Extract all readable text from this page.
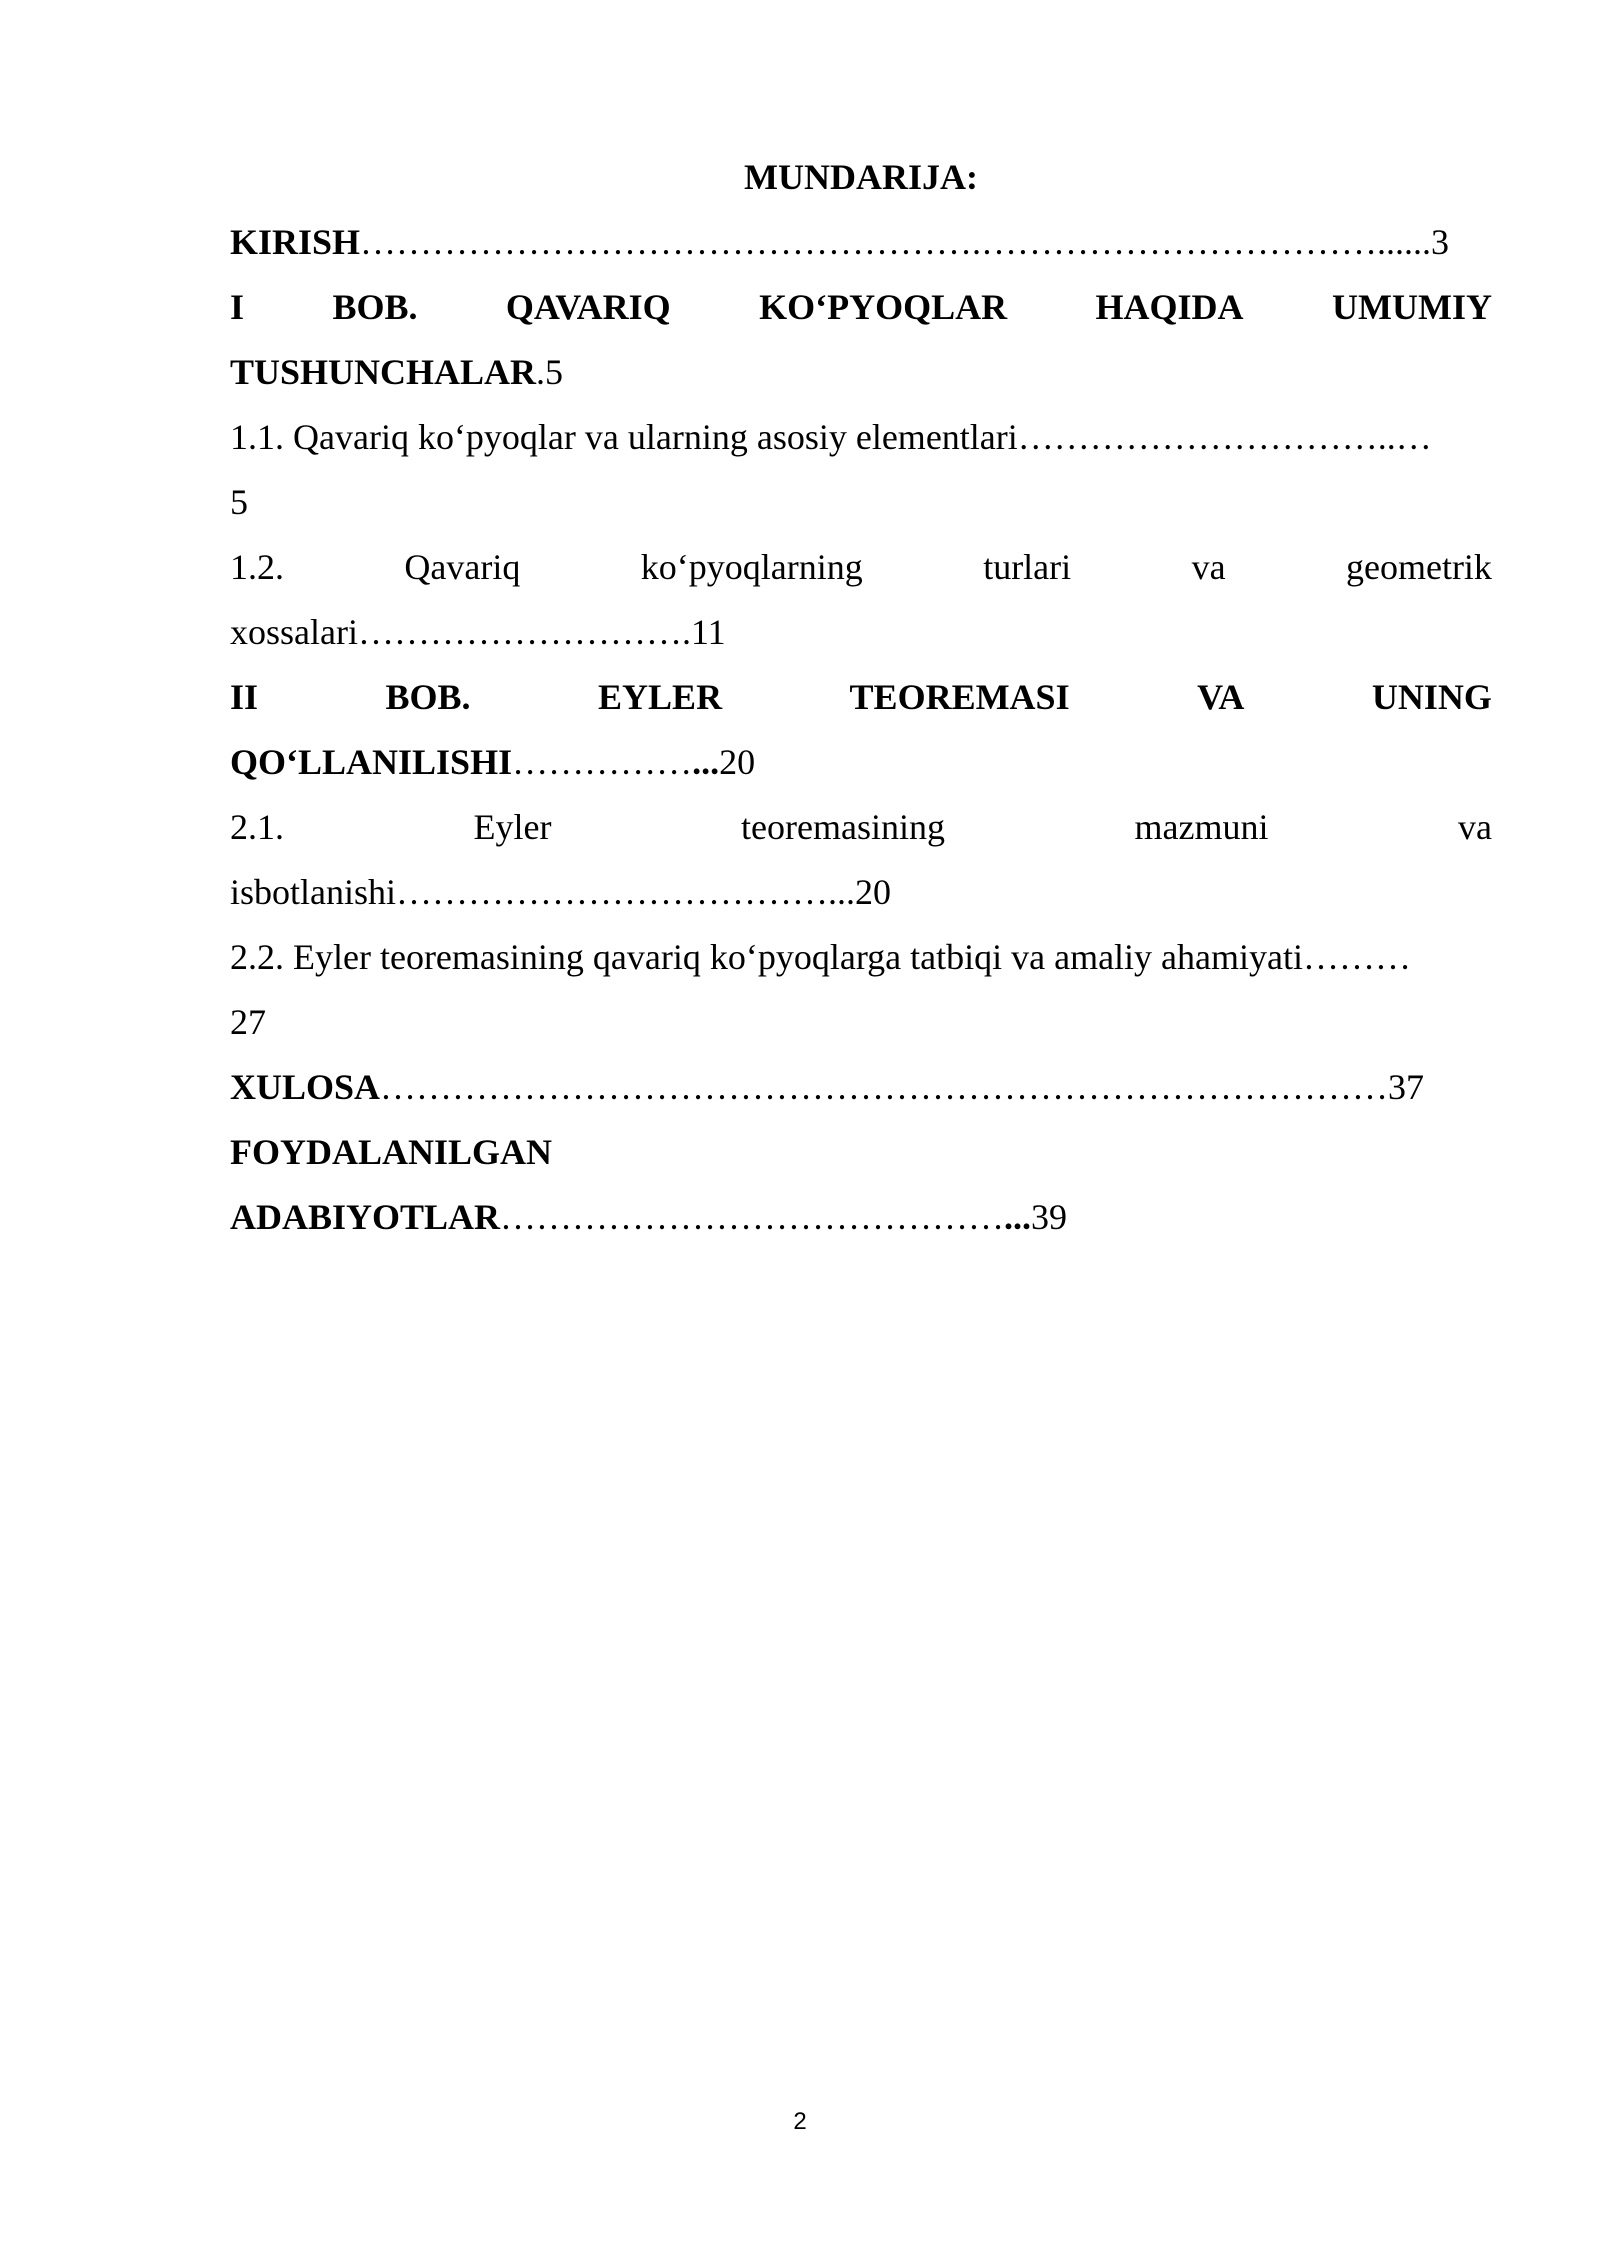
MUNDARIJA:
KIRISH…………………………………………….……………………………......3
I BOB. QAVARIQ KO‘PYOQLAR HAQIDA UMUMIY
TUSHUNCHALAR.5
1.1. Qavariq ko‘pyoqlar va ularning asosiy elementlari…………………………..…
5
1.2.	Qavariq	ko‘pyoqlarning	turlari	va	geometrik
xossalari……………………….11
II	BOB.	EYLER	TEOREMASI	VA	UNING
QO‘LLANILISHI……………...20
2.1.	Eyler	teoremasining	mazmuni	va
isbotlanishi………………………………...20
2.2. Eyler teoremasining qavariq ko‘pyoqlarga tatbiqi va amaliy ahamiyati………
27
XULOSA…………………………………………………………………………37
FOYDALANILGAN
ADABIYOTLAR……………………………………...39
2
